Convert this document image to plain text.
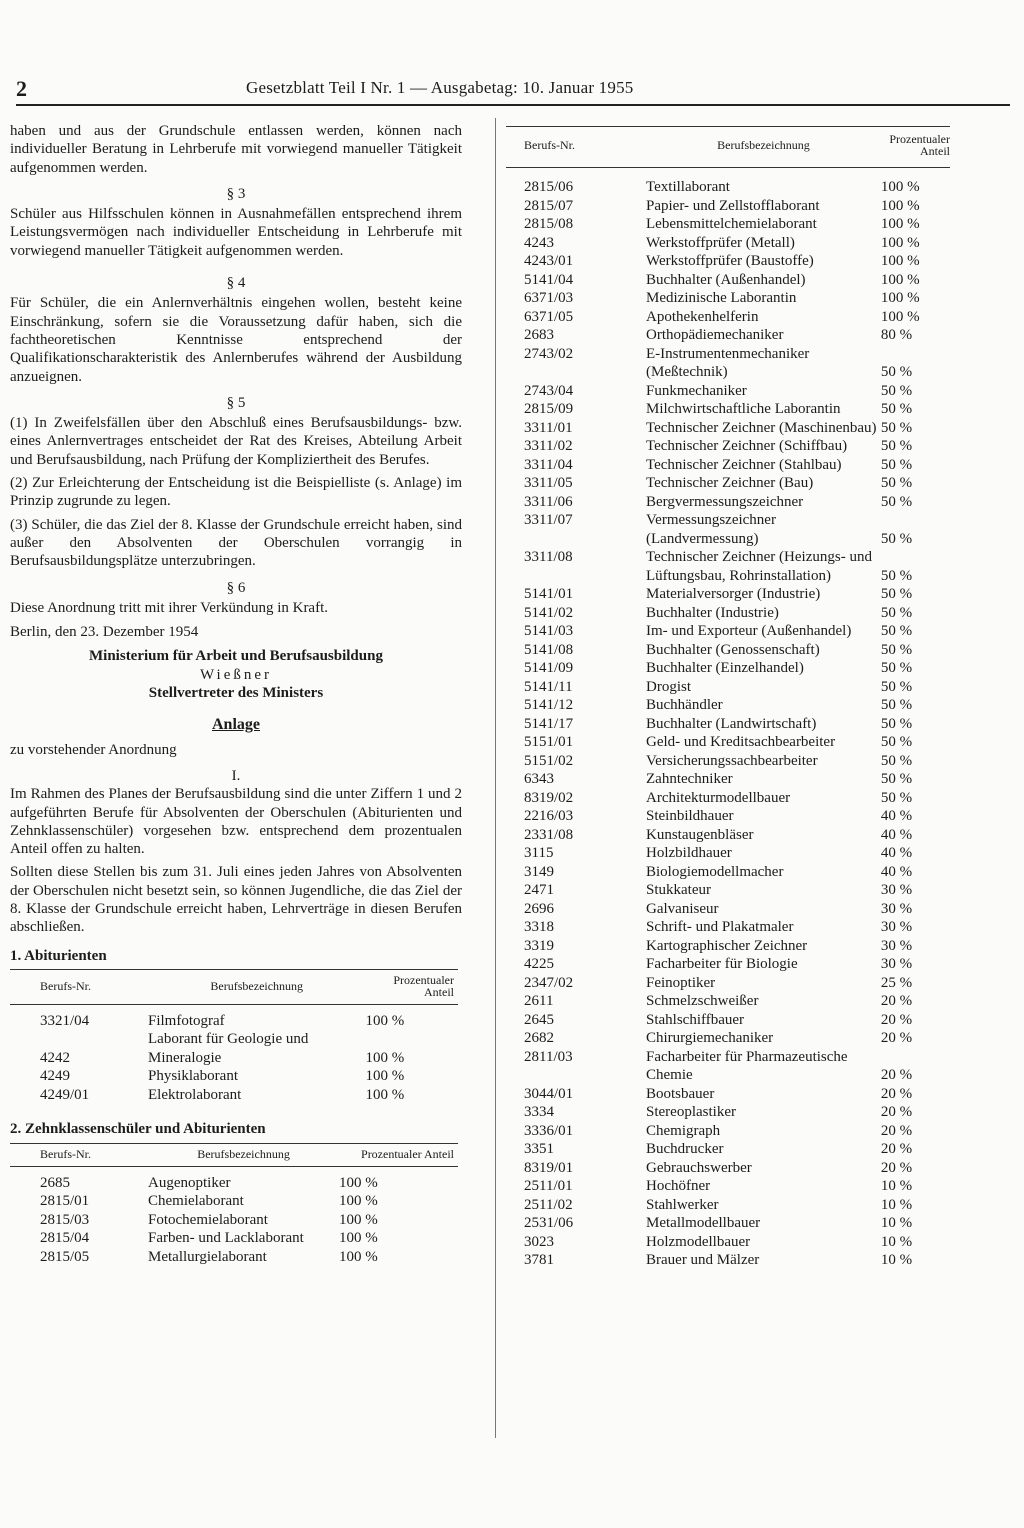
2	Gesetzblatt Teil I Nr. 1 — Ausgabetag: 10. Januar 1955

haben und aus der Grundschule entlassen werden, können nach individueller Beratung in Lehrberufe mit vorwiegend manueller Tätigkeit aufgenommen werden.

§ 3

Schüler aus Hilfsschulen können in Ausnahmefällen entsprechend ihrem Leistungsvermögen nach individueller Entscheidung in Lehrberufe mit vorwiegend manueller Tätigkeit aufgenommen werden.

§ 4

Für Schüler, die ein Anlernverhältnis eingehen wollen, besteht keine Einschränkung, sofern sie die Voraussetzung dafür haben, sich die fachtheoretischen Kenntnisse entsprechend der Qualifikationscharakteristik des Anlernberufes während der Ausbildung anzueignen.

§ 5

(1) In Zweifelsfällen über den Abschluß eines Berufsausbildungs- bzw. eines Anlernvertrages entscheidet der Rat des Kreises, Abteilung Arbeit und Berufsausbildung, nach Prüfung der Kompliziertheit des Berufes.

(2) Zur Erleichterung der Entscheidung ist die Beispielliste (s. Anlage) im Prinzip zugrunde zu legen.

(3) Schüler, die das Ziel der 8. Klasse der Grundschule erreicht haben, sind außer den Absolventen der Oberschulen vorrangig in Berufsausbildungsplätze unterzubringen.

§ 6

Diese Anordnung tritt mit ihrer Verkündung in Kraft.

Berlin, den 23. Dezember 1954

Ministerium für Arbeit und Berufsausbildung

Wießner

Stellvertreter des Ministers

Anlage

zu vorstehender Anordnung

I.

Im Rahmen des Planes der Berufsausbildung sind die unter Ziffern 1 und 2 aufgeführten Berufe für Absolventen der Oberschulen (Abiturienten und Zehnklassenschüler) vorgesehen bzw. entsprechend dem prozentualen Anteil offen zu halten.

Sollten diese Stellen bis zum 31. Juli eines jeden Jahres von Absolventen der Oberschulen nicht besetzt sein, so können Jugendliche, die das Ziel der 8. Klasse der Grundschule erreicht haben, Lehrverträge in diesen Berufen abschließen.

1. Abiturienten

Berufs-Nr.	Berufsbezeichnung	Prozentualer Anteil
3321/04	Filmfotograf	100 %
4242	Laborant für Geologie und Mineralogie	100 %
4249	Physiklaborant	100 %
4249/01	Elektrolaborant	100 %

2. Zehnklassenschüler und Abiturienten

Berufs-Nr.	Berufsbezeichnung	Prozentualer Anteil
2685	Augenoptiker	100 %
2815/01	Chemielaborant	100 %
2815/03	Fotochemielaborant	100 %
2815/04	Farben- und Lacklaborant	100 %
2815/05	Metallurgielaborant	100 %
Berufs-Nr.	Berufsbezeichnung	Prozentualer Anteil
2815/06	Textillaborant	100 %
2815/07	Papier- und Zellstofflaborant	100 %
2815/08	Lebensmittelchemielaborant	100 %
4243	Werkstoffprüfer (Metall)	100 %
4243/01	Werkstoffprüfer (Baustoffe)	100 %
5141/04	Buchhalter (Außenhandel)	100 %
6371/03	Medizinische Laborantin	100 %
6371/05	Apothekenhelferin	100 %
2683	Orthopädiemechaniker	80 %
2743/02	E-Instrumentenmechaniker (Meßtechnik)	50 %
2743/04	Funkmechaniker	50 %
2815/09	Milchwirtschaftliche Laborantin	50 %
3311/01	Technischer Zeichner (Maschinenbau)	50 %
3311/02	Technischer Zeichner (Schiffbau)	50 %
3311/04	Technischer Zeichner (Stahlbau)	50 %
3311/05	Technischer Zeichner (Bau)	50 %
3311/06	Bergvermessungszeichner	50 %
3311/07	Vermessungszeichner (Landvermessung)	50 %
3311/08	Technischer Zeichner (Heizungs- und Lüftungsbau, Rohrinstallation)	50 %
5141/01	Materialversorger (Industrie)	50 %
5141/02	Buchhalter (Industrie)	50 %
5141/03	Im- und Exporteur (Außenhandel)	50 %
5141/08	Buchhalter (Genossenschaft)	50 %
5141/09	Buchhalter (Einzelhandel)	50 %
5141/11	Drogist	50 %
5141/12	Buchhändler	50 %
5141/17	Buchhalter (Landwirtschaft)	50 %
5151/01	Geld- und Kreditsachbearbeiter	50 %
5151/02	Versicherungssachbearbeiter	50 %
6343	Zahntechniker	50 %
8319/02	Architekturmodellbauer	50 %
2216/03	Steinbildhauer	40 %
2331/08	Kunstaugenbläser	40 %
3115	Holzbildhauer	40 %
3149	Biologiemodellmacher	40 %
2471	Stukkateur	30 %
2696	Galvaniseur	30 %
3318	Schrift- und Plakatmaler	30 %
3319	Kartographischer Zeichner	30 %
4225	Facharbeiter für Biologie	30 %
2347/02	Feinoptiker	25 %
2611	Schmelzschweißer	20 %
2645	Stahlschiffbauer	20 %
2682	Chirurgiemechaniker	20 %
2811/03	Facharbeiter für Pharmazeutische Chemie	20 %
3044/01	Bootsbauer	20 %
3334	Stereoplastiker	20 %
3336/01	Chemigraph	20 %
3351	Buchdrucker	20 %
8319/01	Gebrauchswerber	20 %
2511/01	Hochöfner	10 %
2511/02	Stahlwerker	10 %
2531/06	Metallmodellbauer	10 %
3023	Holzmodellbauer	10 %
3781	Brauer und Mälzer	10 %
